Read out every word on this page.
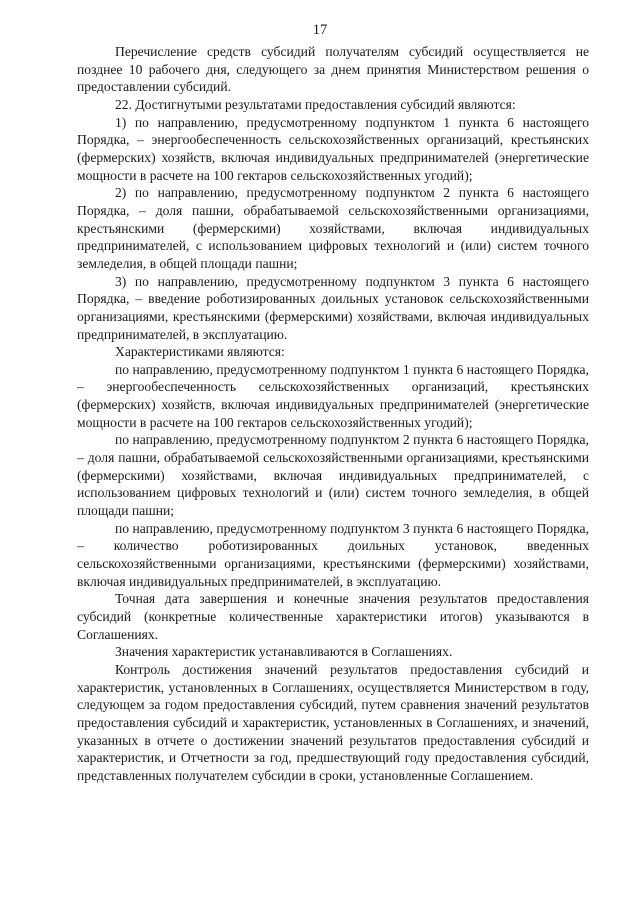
17

Перечисление средств субсидий получателям субсидий осуществляется не позднее 10 рабочего дня, следующего за днем принятия Министерством решения о предоставлении субсидий.

22. Достигнутыми результатами предоставления субсидий являются:

1) по направлению, предусмотренному подпунктом 1 пункта 6 настоящего Порядка, – энергообеспеченность сельскохозяйственных организаций, крестьянских (фермерских) хозяйств, включая индивидуальных предпринимателей (энергетические мощности в расчете на 100 гектаров сельскохозяйственных угодий);

2) по направлению, предусмотренному подпунктом 2 пункта 6 настоящего Порядка, – доля пашни, обрабатываемой сельскохозяйственными организациями, крестьянскими (фермерскими) хозяйствами, включая индивидуальных предпринимателей, с использованием цифровых технологий и (или) систем точного земледелия, в общей площади пашни;

3) по направлению, предусмотренному подпунктом 3 пункта 6 настоящего Порядка, – введение роботизированных доильных установок сельскохозяйственными организациями, крестьянскими (фермерскими) хозяйствами, включая индивидуальных предпринимателей, в эксплуатацию.

Характеристиками являются:

по направлению, предусмотренному подпунктом 1 пункта 6 настоящего Порядка, – энергообеспеченность сельскохозяйственных организаций, крестьянских (фермерских) хозяйств, включая индивидуальных предпринимателей (энергетические мощности в расчете на 100 гектаров сельскохозяйственных угодий);

по направлению, предусмотренному подпунктом 2 пункта 6 настоящего Порядка, – доля пашни, обрабатываемой сельскохозяйственными организациями, крестьянскими (фермерскими) хозяйствами, включая индивидуальных предпринимателей, с использованием цифровых технологий и (или) систем точного земледелия, в общей площади пашни;

по направлению, предусмотренному подпунктом 3 пункта 6 настоящего Порядка, – количество роботизированных доильных установок, введенных сельскохозяйственными организациями, крестьянскими (фермерскими) хозяйствами, включая индивидуальных предпринимателей, в эксплуатацию.

Точная дата завершения и конечные значения результатов предоставления субсидий (конкретные количественные характеристики итогов) указываются в Соглашениях.

Значения характеристик устанавливаются в Соглашениях.

Контроль достижения значений результатов предоставления субсидий и характеристик, установленных в Соглашениях, осуществляется Министерством в году, следующем за годом предоставления субсидий, путем сравнения значений результатов предоставления субсидий и характеристик, установленных в Соглашениях, и значений, указанных в отчете о достижении значений результатов предоставления субсидий и характеристик, и Отчетности за год, предшествующий году предоставления субсидий, представленных получателем субсидии в сроки, установленные Соглашением.
